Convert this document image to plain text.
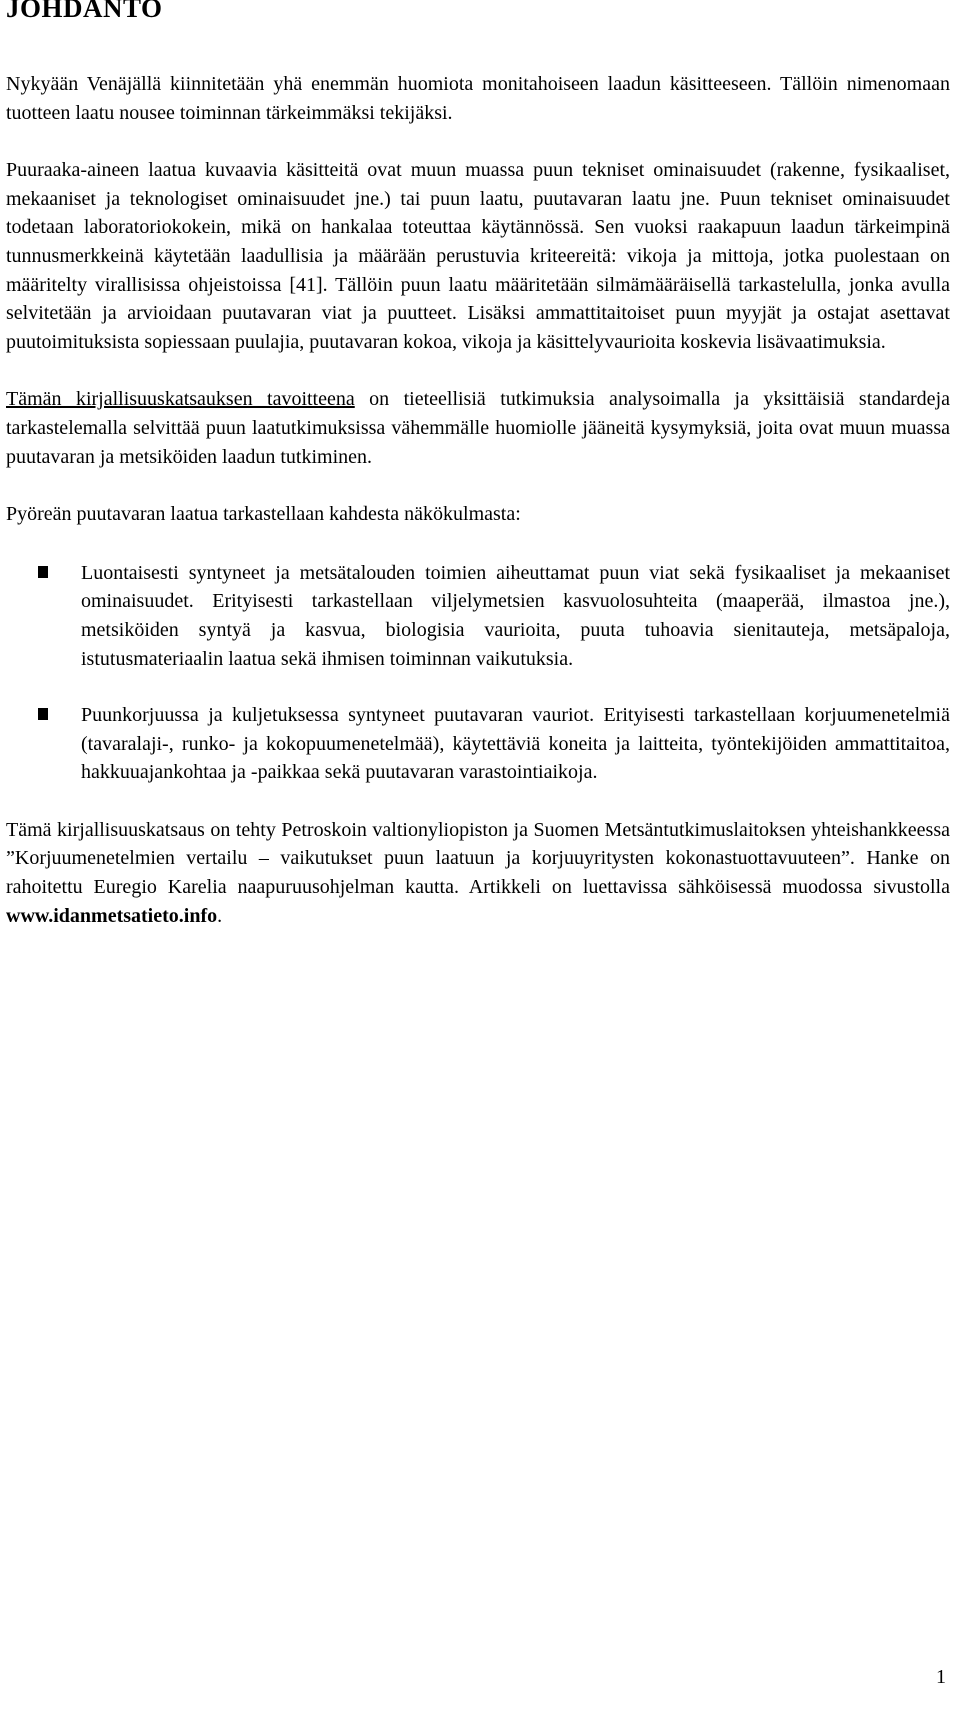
JOHDANTO

Nykyään Venäjällä kiinnitetään yhä enemmän huomiota monitahoiseen laadun käsitteeseen. Tällöin nimenomaan tuotteen laatu nousee toiminnan tärkeimmäksi tekijäksi.

Puuraaka-aineen laatua kuvaavia käsitteitä ovat muun muassa puun tekniset ominaisuudet (rakenne, fysikaaliset, mekaaniset ja teknologiset ominaisuudet jne.) tai puun laatu, puutavaran laatu jne. Puun tekniset ominaisuudet todetaan laboratoriokokein, mikä on hankalaa toteuttaa käytännössä. Sen vuoksi raakapuun laadun tärkeimpinä tunnusmerkkeinä käytetään laadullisia ja määrään perustuvia kriteereitä: vikoja ja mittoja, jotka puolestaan on määritelty virallisissa ohjeistoissa [41]. Tällöin puun laatu määritetään silmämääräisellä tarkastelulla, jonka avulla selvitetään ja arvioidaan puutavaran viat ja puutteet. Lisäksi ammattitaitoiset puun myyjät ja ostajat asettavat puutoimituksista sopiessaan puulajia, puutavaran kokoa, vikoja ja käsittelyvaurioita koskevia lisävaatimuksia.

Tämän kirjallisuuskatsauksen tavoitteena on tieteellisiä tutkimuksia analysoimalla ja yksittäisiä standardeja tarkastelemalla selvittää puun laatutkimuksissa vähemmälle huomiolle jääneitä kysymyksiä, joita ovat muun muassa puutavaran ja metsiköiden laadun tutkiminen.

Pyöreän puutavaran laatua tarkastellaan kahdesta näkökulmasta:

Luontaisesti syntyneet ja metsätalouden toimien aiheuttamat puun viat sekä fysikaaliset ja mekaaniset ominaisuudet. Erityisesti tarkastellaan viljelymetsien kasvuolosuhteita (maaperää, ilmastoa jne.), metsiköiden syntyä ja kasvua, biologisia vaurioita, puuta tuhoavia sienitauteja, metsäpaloja, istutusmateriaalin laatua sekä ihmisen toiminnan vaikutuksia.
Puunkorjuussa ja kuljetuksessa syntyneet puutavaran vauriot. Erityisesti tarkastellaan korjuumenetelmiä (tavaralaji-, runko- ja kokopuumenetelmää), käytettäviä koneita ja laitteita, työntekijöiden ammattitaitoa, hakkuuajankohtaa ja -paikkaa sekä puutavaran varastointiaikoja.

Tämä kirjallisuuskatsaus on tehty Petroskoin valtionyliopiston ja Suomen Metsäntutkimuslaitoksen yhteishankkeessa ”Korjuumenetelmien vertailu – vaikutukset puun laatuun ja korjuuyritysten kokonastuottavuuteen”. Hanke on rahoitettu Euregio Karelia naapuruusohjelman kautta. Artikkeli on luettavissa sähköisessä muodossa sivustolla www.idanmetsatieto.info.

1
